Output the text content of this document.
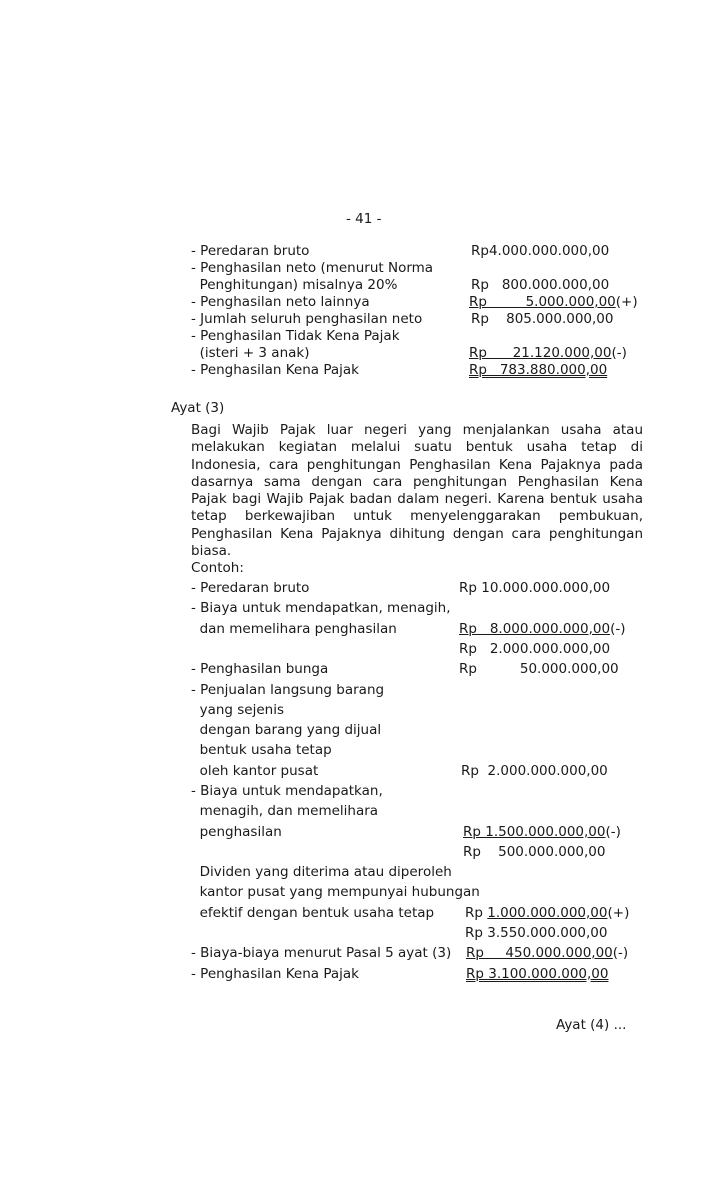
- 41 -
- Peredaran bruto	Rp4.000.000.000,00
- Penghasilan neto (menurut Norma
Penghitungan) misalnya 20%	Rp   800.000.000,00
- Penghasilan neto lainnya	Rp         5.000.000,00(+)
- Jumlah seluruh penghasilan neto	Rp    805.000.000,00
- Penghasilan Tidak Kena Pajak
(isteri + 3 anak)	Rp      21.120.000,00(-)
- Penghasilan Kena Pajak	Rp   783.880.000,00
Ayat (3)
Bagi Wajib Pajak luar negeri yang menjalankan usaha atau melakukan kegiatan melalui suatu bentuk usaha tetap di Indonesia, cara penghitungan Penghasilan Kena Pajaknya pada dasarnya sama dengan cara penghitungan Penghasilan Kena Pajak bagi Wajib Pajak badan dalam negeri. Karena bentuk usaha tetap berkewajiban untuk menyelenggarakan pembukuan, Penghasilan Kena Pajaknya dihitung dengan cara penghitungan biasa.
Contoh:
- Peredaran bruto	Rp 10.000.000.000,00
- Biaya untuk mendapatkan, menagih,
dan memelihara penghasilan	Rp   8.000.000.000,00(-)
Rp   2.000.000.000,00
- Penghasilan bunga	Rp          50.000.000,00
- Penjualan langsung barang
yang sejenis
dengan barang yang dijual
bentuk usaha tetap
oleh kantor pusat	Rp  2.000.000.000,00
- Biaya untuk mendapatkan,
menagih, dan memelihara
penghasilan	Rp 1.500.000.000,00(-)
Rp    500.000.000,00
Dividen yang diterima atau diperoleh
kantor pusat yang mempunyai hubungan
efektif dengan bentuk usaha tetap Rp 1.000.000.000,00(+)
Rp 3.550.000.000,00
- Biaya-biaya menurut Pasal 5 ayat (3) Rp     450.000.000,00(-)
- Penghasilan Kena Pajak	Rp 3.100.000.000,00
Ayat (4) ...
